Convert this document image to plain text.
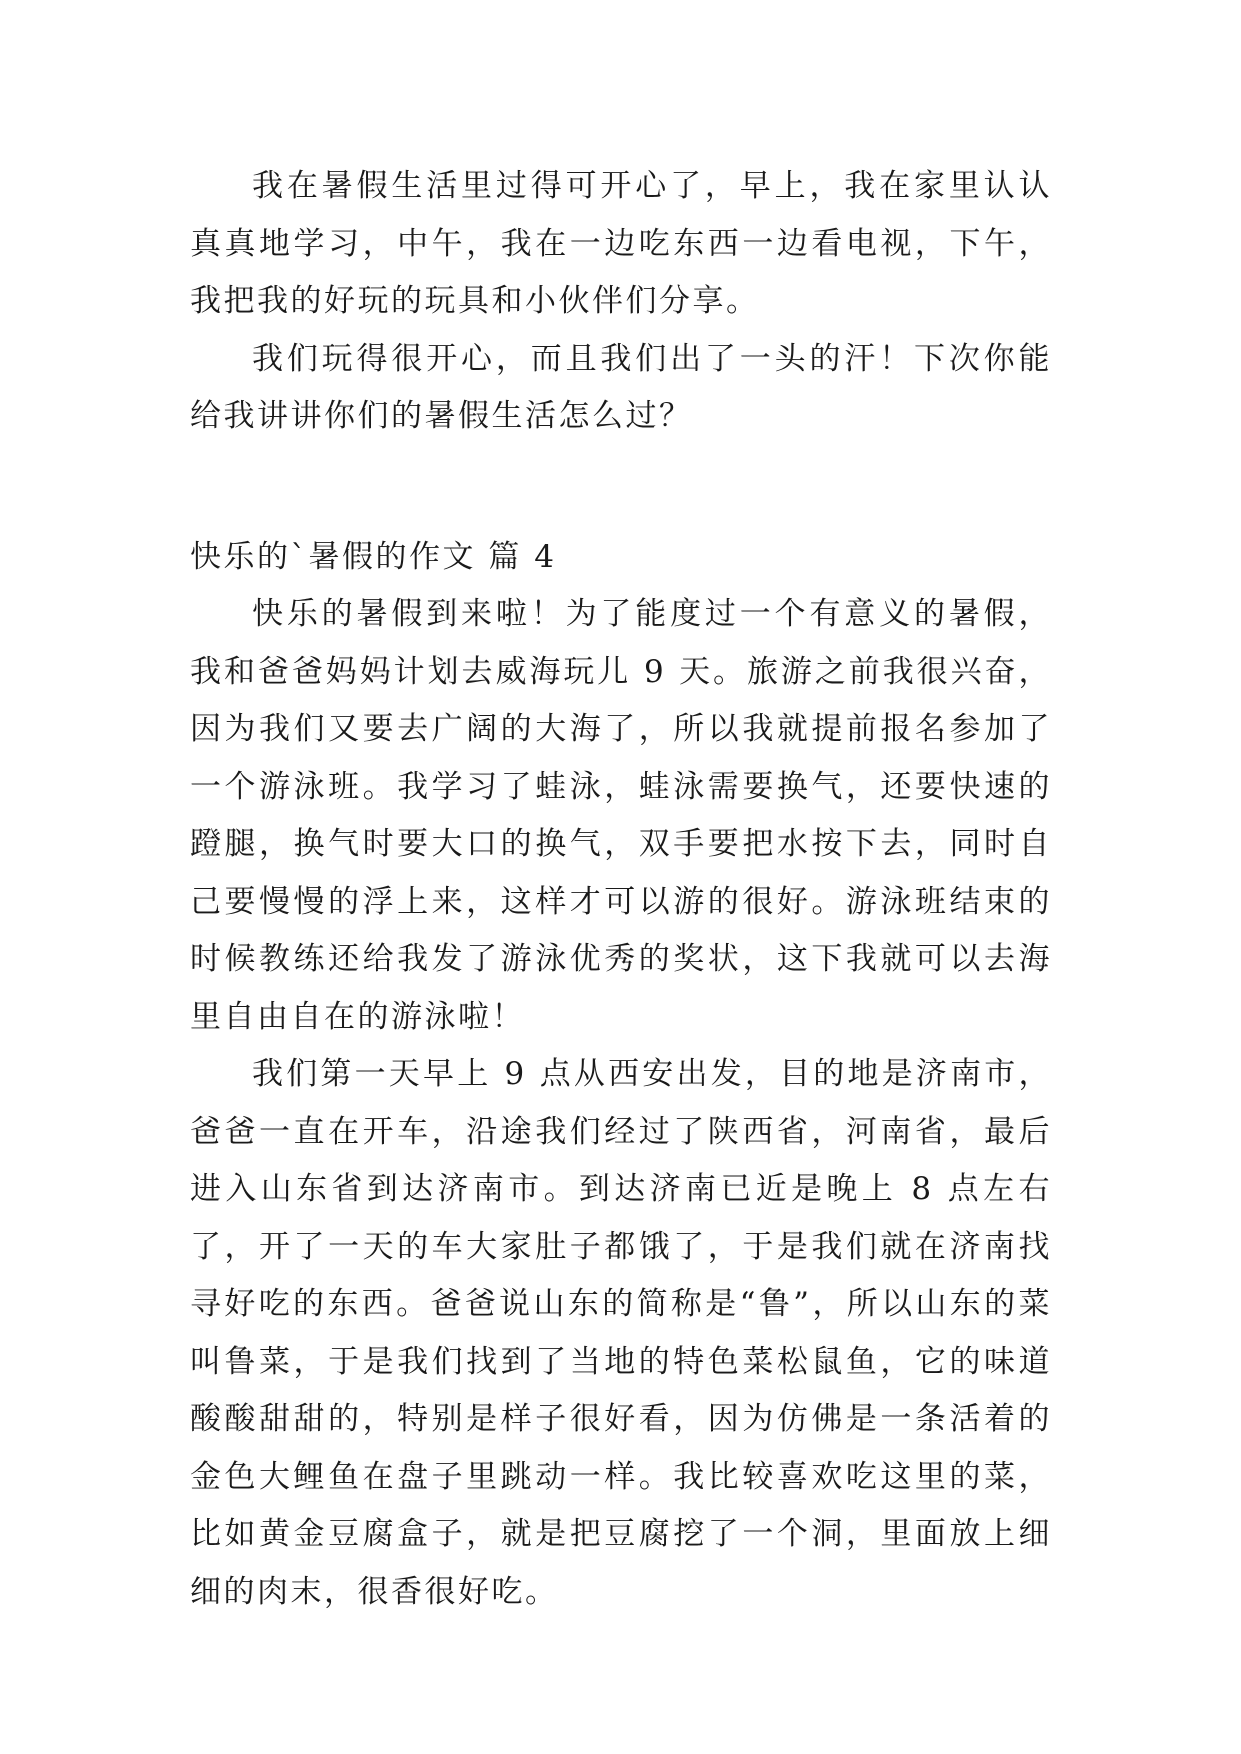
我在暑假生活里过得可开心了，早上，我在家里认认真真地学习，中午，我在一边吃东西一边看电视，下午，我把我的好玩的玩具和小伙伴们分享。

我们玩得很开心，而且我们出了一头的汗！下次你能给我讲讲你们的暑假生活怎么过？

快乐的`暑假的作文 篇 4

快乐的暑假到来啦！为了能度过一个有意义的暑假，我和爸爸妈妈计划去威海玩儿 9 天。旅游之前我很兴奋，因为我们又要去广阔的大海了，所以我就提前报名参加了一个游泳班。我学习了蛙泳，蛙泳需要换气，还要快速的蹬腿，换气时要大口的换气，双手要把水按下去，同时自己要慢慢的浮上来，这样才可以游的很好。游泳班结束的时候教练还给我发了游泳优秀的奖状，这下我就可以去海里自由自在的游泳啦！

我们第一天早上 9 点从西安出发，目的地是济南市，爸爸一直在开车，沿途我们经过了陕西省，河南省，最后进入山东省到达济南市。到达济南已近是晚上 8 点左右了，开了一天的车大家肚子都饿了，于是我们就在济南找寻好吃的东西。爸爸说山东的简称是“鲁”，所以山东的菜叫鲁菜，于是我们找到了当地的特色菜松鼠鱼，它的味道酸酸甜甜的，特别是样子很好看，因为仿佛是一条活着的金色大鲤鱼在盘子里跳动一样。我比较喜欢吃这里的菜，比如黄金豆腐盒子，就是把豆腐挖了一个洞，里面放上细细的肉末，很香很好吃。
